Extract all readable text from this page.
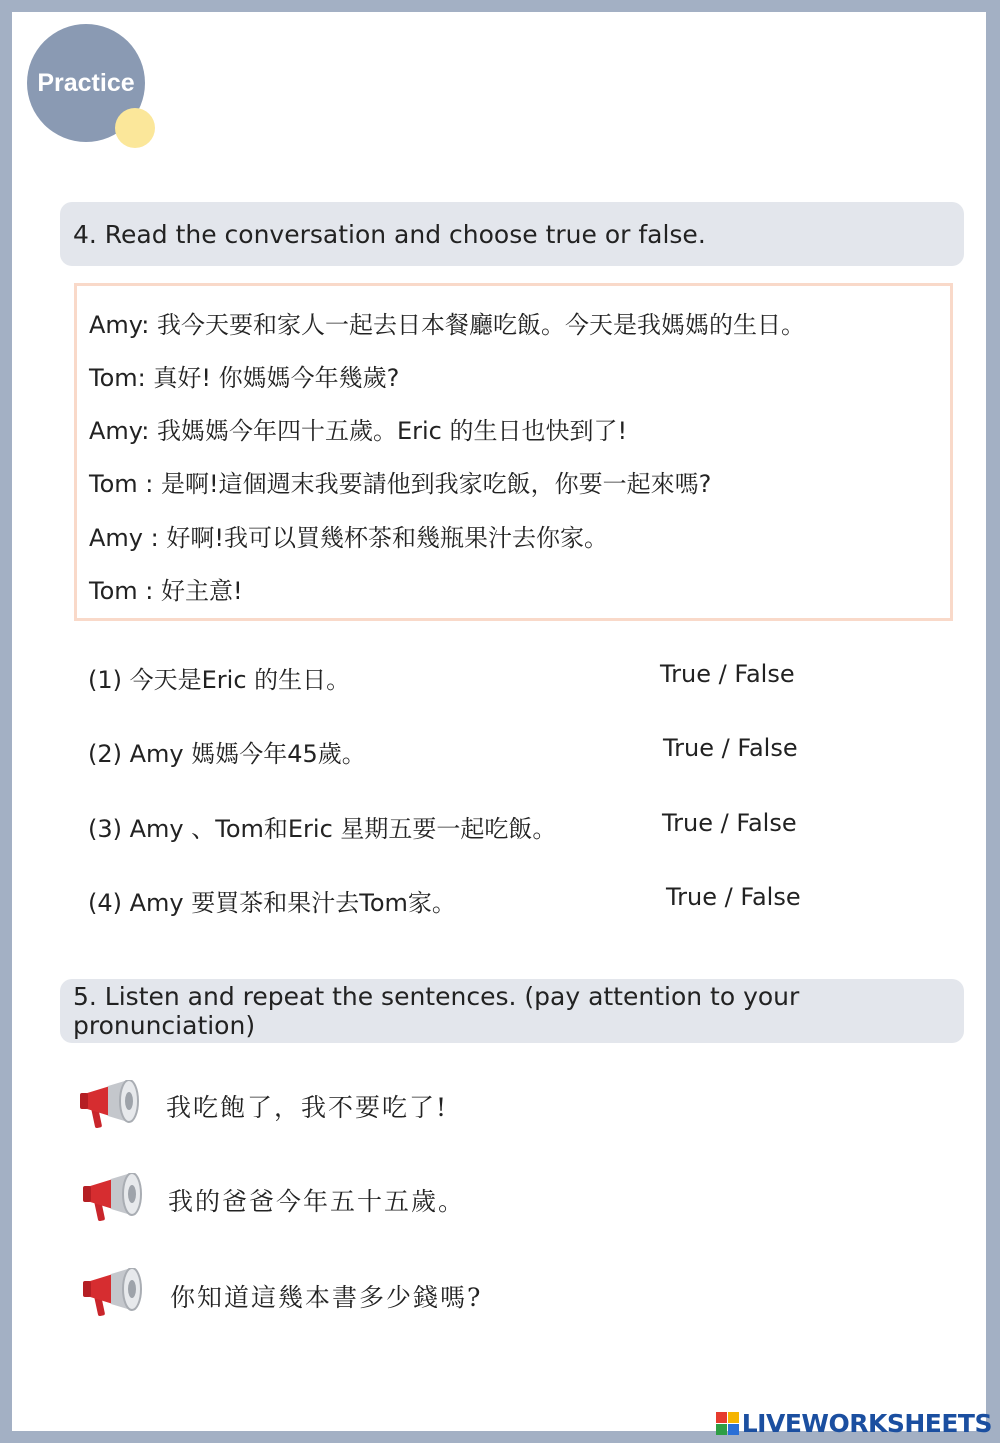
Practice
4. Read the conversation and choose true or false.
Amy: 我今天要和家人一起去日本餐廳吃飯。今天是我媽媽的生日。
Tom: 真好! 你媽媽今年幾歲?
Amy: 我媽媽今年四十五歲。Eric 的生日也快到了!
Tom : 是啊!這個週末我要請他到我家吃飯，你要一起來嗎?
Amy : 好啊!我可以買幾杯茶和幾瓶果汁去你家。
Tom : 好主意!
(1) 今天是Eric 的生日。	True / False
(2) Amy 媽媽今年45歲。	True / False
(3) Amy 、Tom和Eric 星期五要一起吃飯。	True / False
(4) Amy 要買茶和果汁去Tom家。	True / False
5. Listen and repeat the sentences. (pay attention to your pronunciation)
我吃飽了，我不要吃了!
我的爸爸今年五十五歲。
你知道這幾本書多少錢嗎?
LIVEWORKSHEETS
